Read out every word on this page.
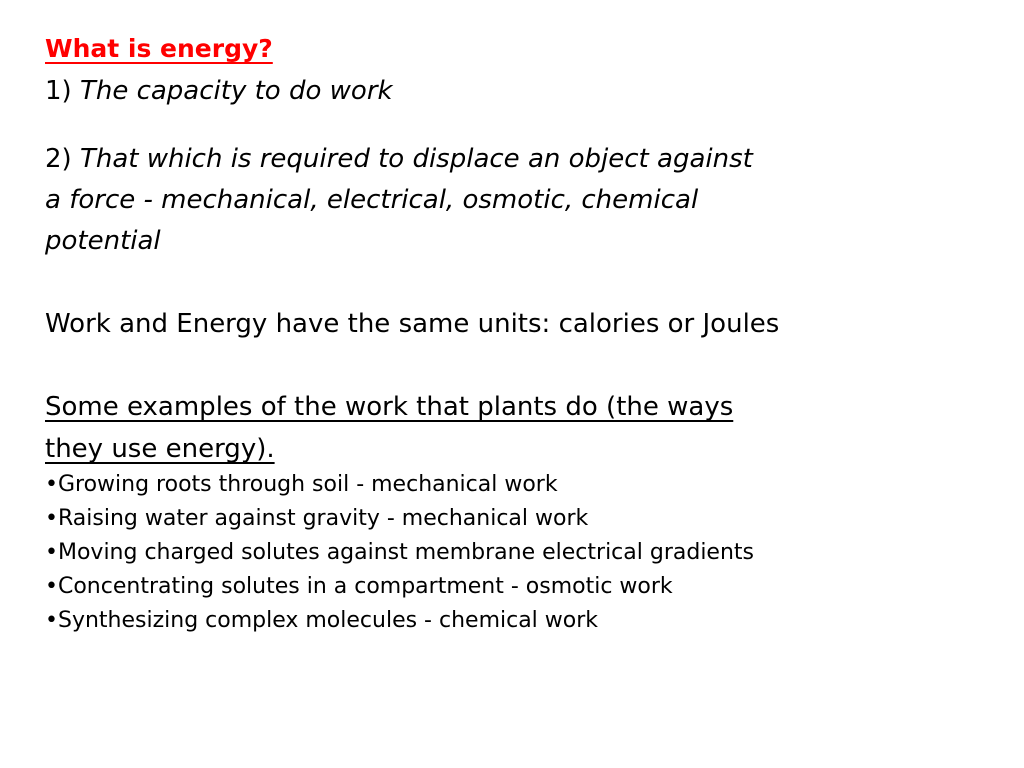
What is energy?
1) The capacity to do work
2) That which is required to displace an object against
a force - mechanical, electrical, osmotic, chemical
potential
Work and Energy have the same units: calories or Joules
Some examples of the work that plants do (the ways
they use energy).
•Growing roots through soil - mechanical work
•Raising water against gravity - mechanical work
•Moving charged solutes against membrane electrical gradients
•Concentrating solutes in a compartment - osmotic work
•Synthesizing complex molecules - chemical work
